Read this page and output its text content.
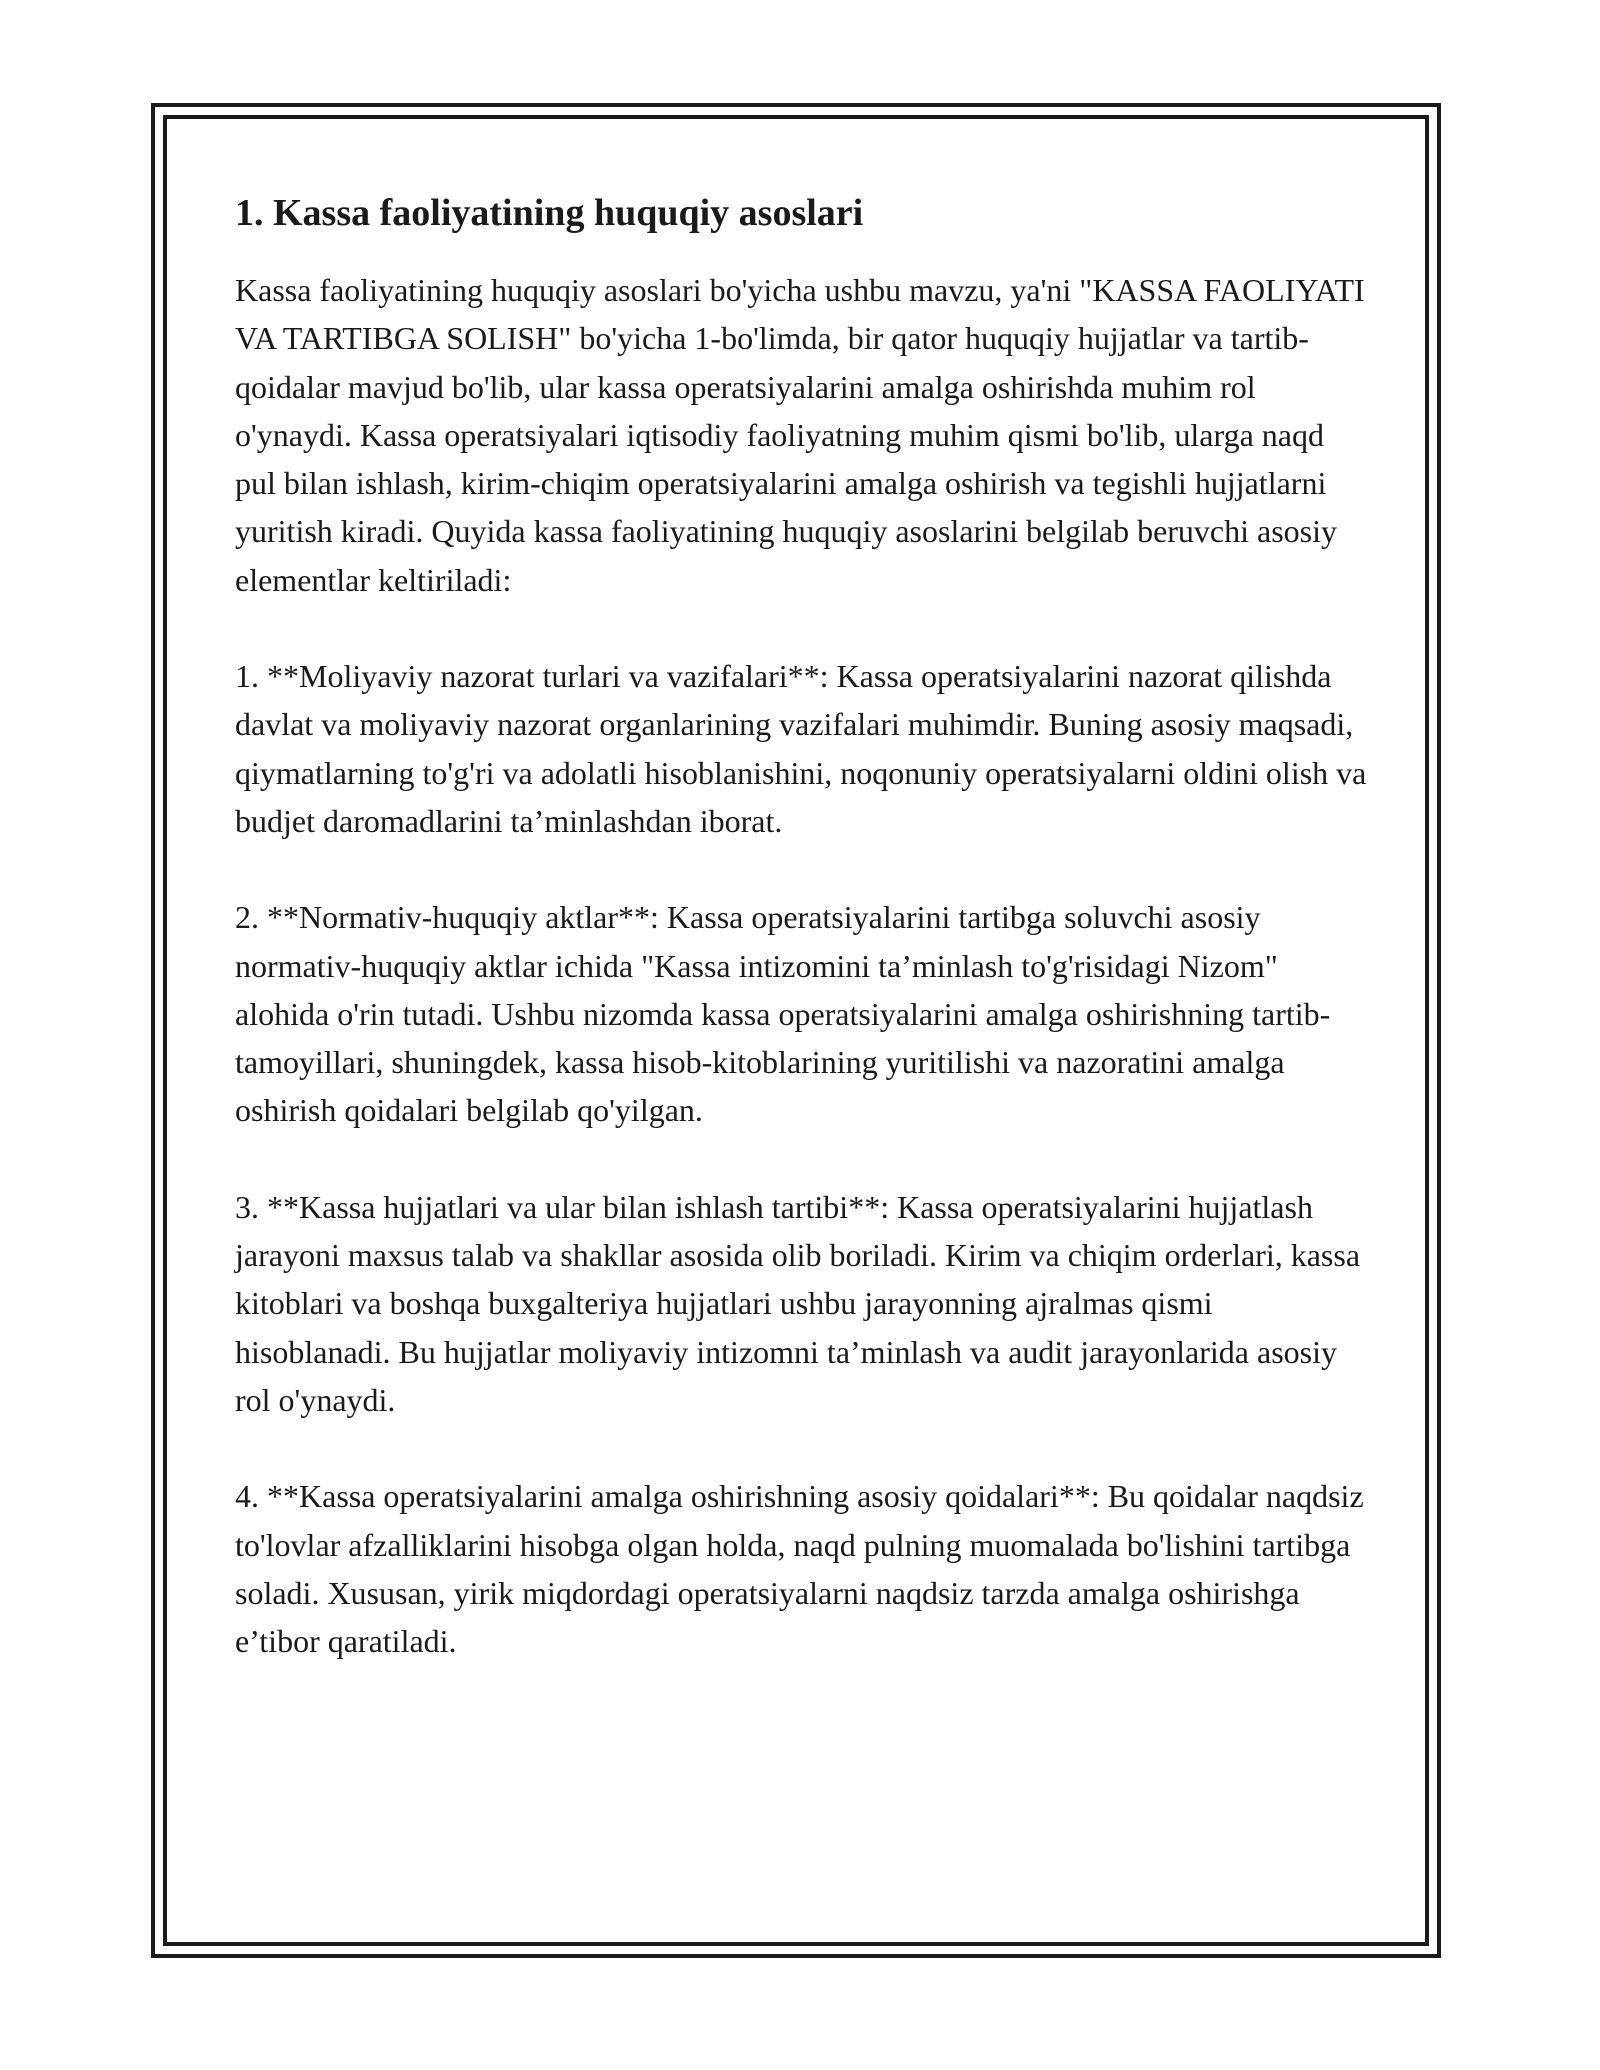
1. Kassa faoliyatining huquqiy asoslari

Kassa faoliyatining huquqiy asoslari bo'yicha ushbu mavzu, ya'ni "KASSA FAOLIYATI VA TARTIBGA SOLISH" bo'yicha 1-bo'limda, bir qator huquqiy hujjatlar va tartib-qoidalar mavjud bo'lib, ular kassa operatsiyalarini amalga oshirishda muhim rol o'ynaydi. Kassa operatsiyalari iqtisodiy faoliyatning muhim qismi bo'lib, ularga naqd pul bilan ishlash, kirim-chiqim operatsiyalarini amalga oshirish va tegishli hujjatlarni yuritish kiradi. Quyida kassa faoliyatining huquqiy asoslarini belgilab beruvchi asosiy elementlar keltiriladi:

1. **Moliyaviy nazorat turlari va vazifalari**: Kassa operatsiyalarini nazorat qilishda davlat va moliyaviy nazorat organlarining vazifalari muhimdir. Buning asosiy maqsadi, qiymatlarning to'g'ri va adolatli hisoblanishini, noqonuniy operatsiyalarni oldini olish va budjet daromadlarini ta’minlashdan iborat.

2. **Normativ-huquqiy aktlar**: Kassa operatsiyalarini tartibga soluvchi asosiy normativ-huquqiy aktlar ichida "Kassa intizomini ta’minlash to'g'risidagi Nizom" alohida o'rin tutadi. Ushbu nizomda kassa operatsiyalarini amalga oshirishning tartib-tamoyillari, shuningdek, kassa hisob-kitoblarining yuritilishi va nazoratini amalga oshirish qoidalari belgilab qo'yilgan.

3. **Kassa hujjatlari va ular bilan ishlash tartibi**: Kassa operatsiyalarini hujjatlash jarayoni maxsus talab va shakllar asosida olib boriladi. Kirim va chiqim orderlari, kassa kitoblari va boshqa buxgalteriya hujjatlari ushbu jarayonning ajralmas qismi hisoblanadi. Bu hujjatlar moliyaviy intizomni ta’minlash va audit jarayonlarida asosiy rol o'ynaydi.

4. **Kassa operatsiyalarini amalga oshirishning asosiy qoidalari**: Bu qoidalar naqdsiz to'lovlar afzalliklarini hisobga olgan holda, naqd pulning muomalada bo'lishini tartibga soladi. Xususan, yirik miqdordagi operatsiyalarni naqdsiz tarzda amalga oshirishga e’tibor qaratiladi.
